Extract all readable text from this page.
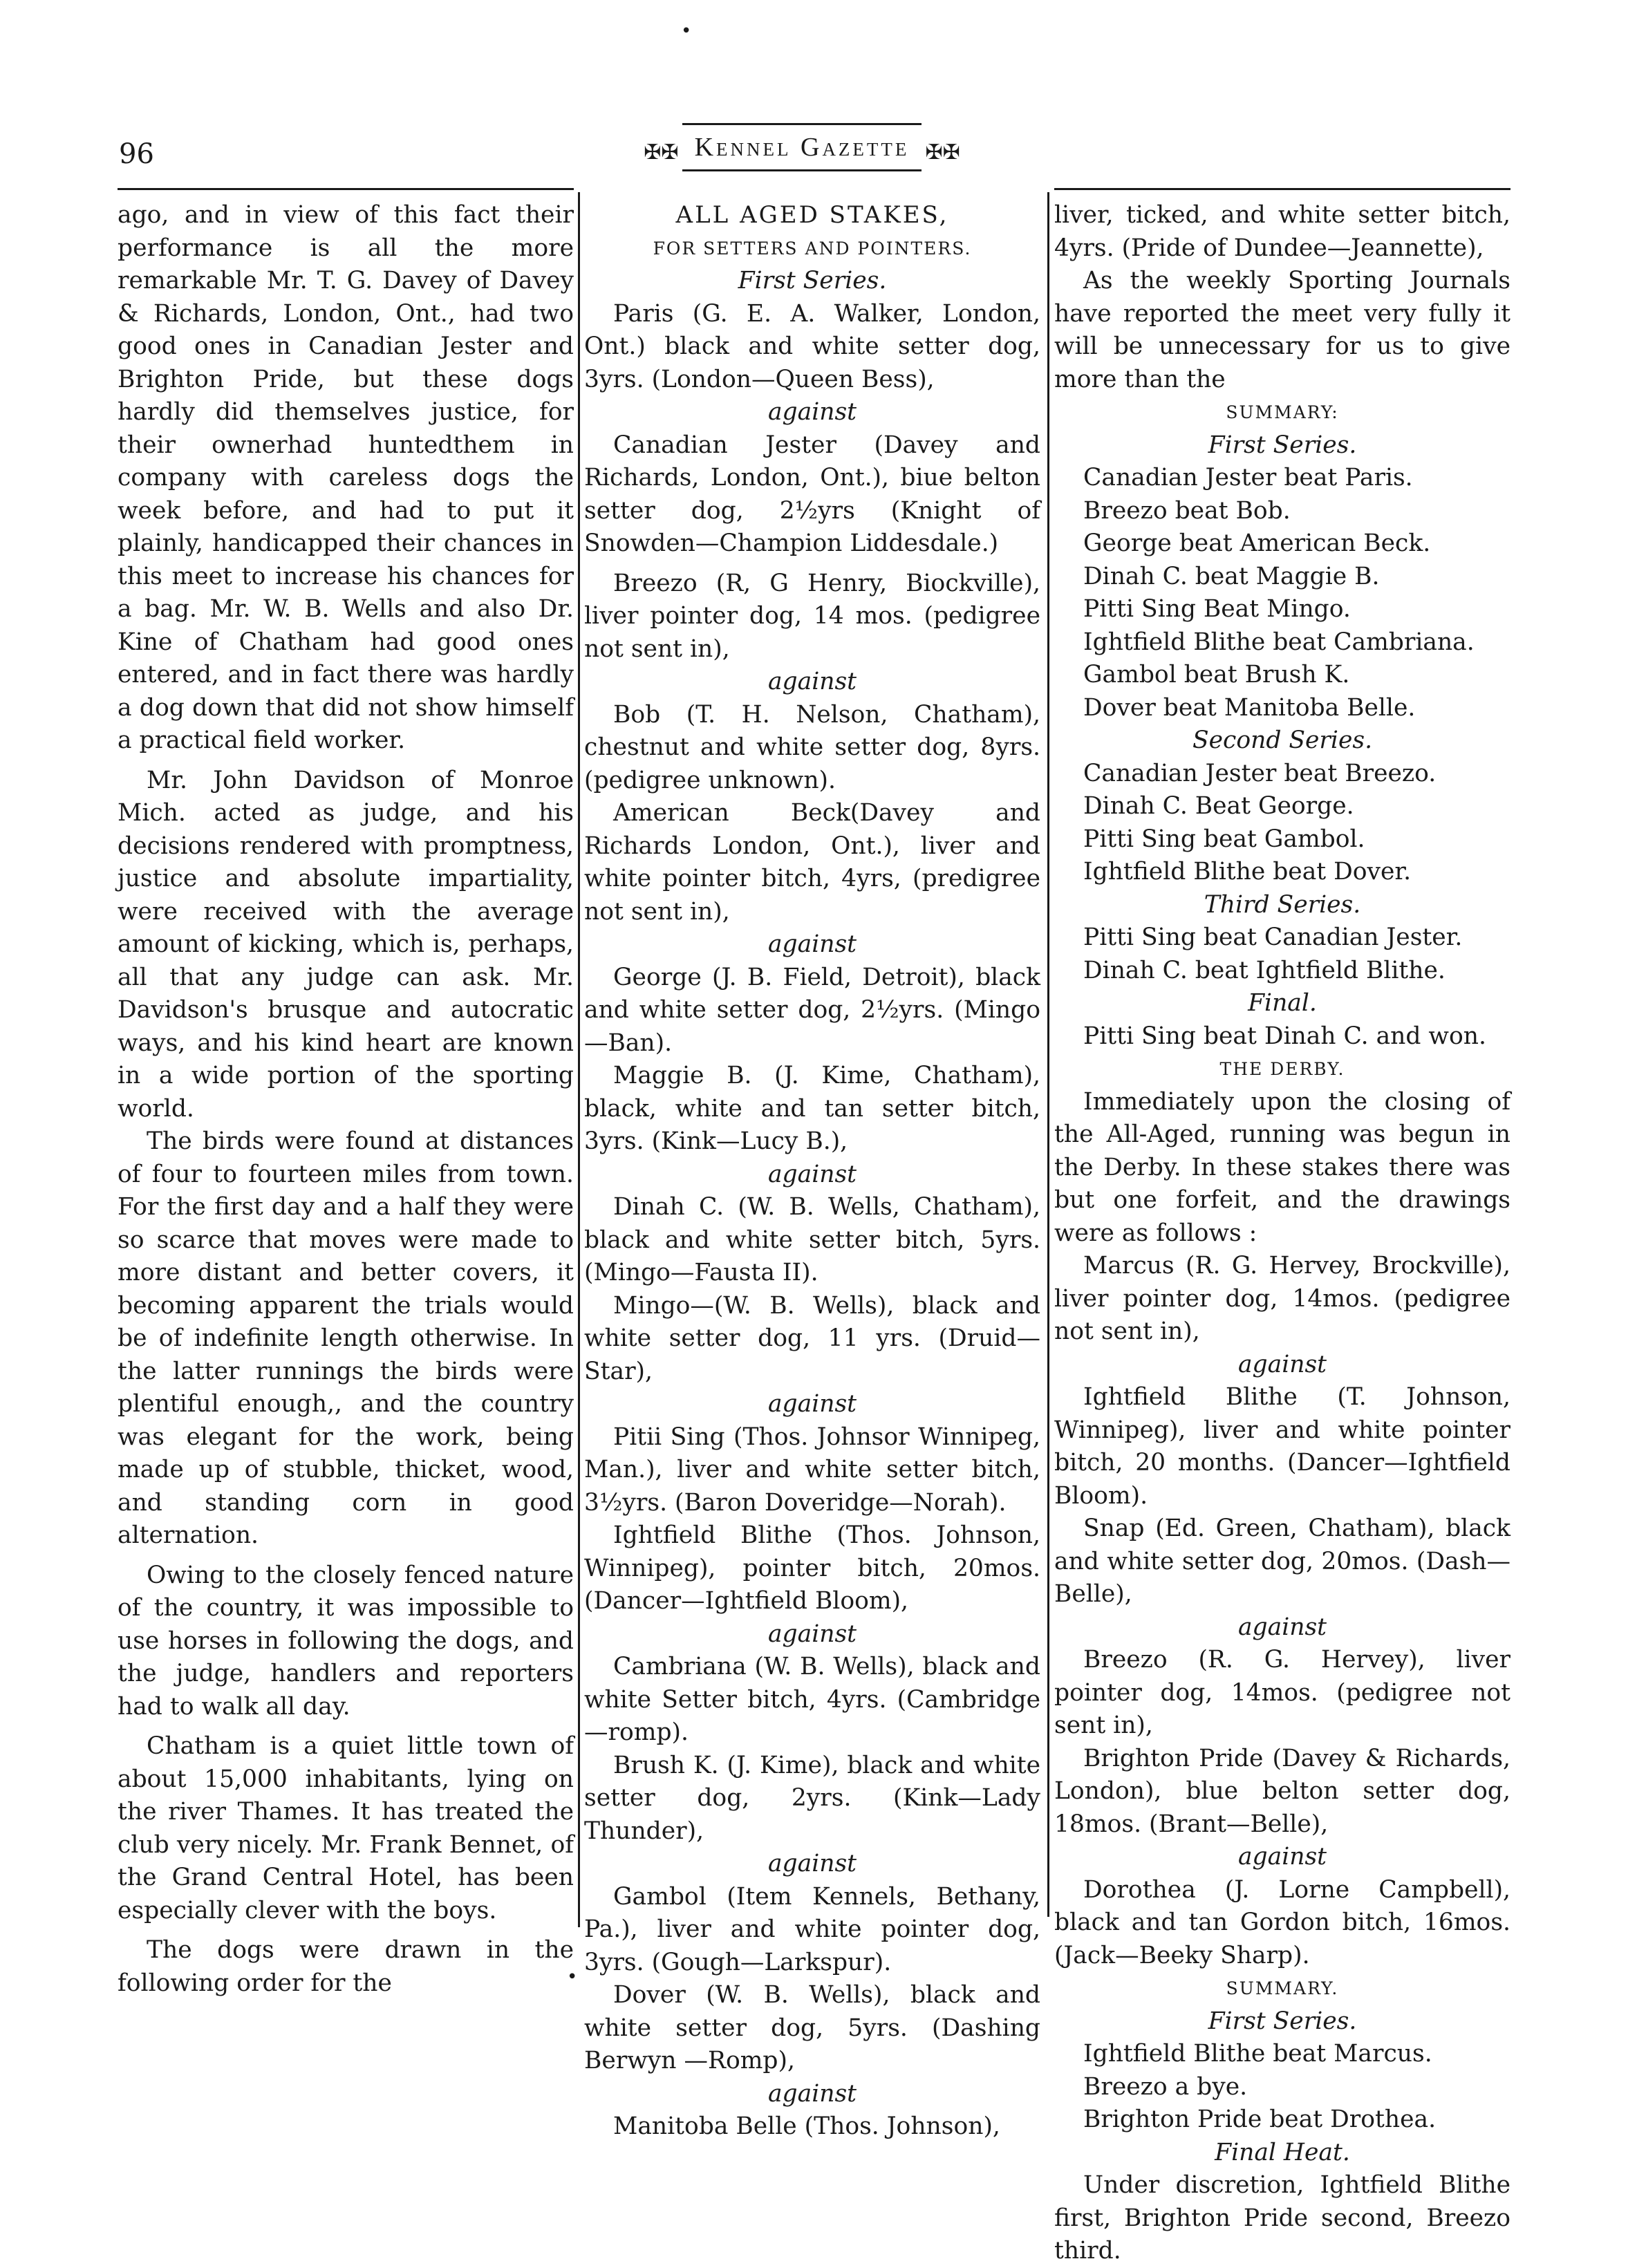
•
96	✠✠ Kennel Gazette ✠✠

ago, and in view of this fact their performance is all the more remarkable Mr. T. G. Davey of Davey & Richards, London, Ont., had two good ones in Canadian Jester and Brighton Pride, but these dogs hardly did themselves justice, for their ownerhad huntedthem in company with careless dogs the week before, and had to put it plainly, handicapped their chances in this meet to increase his chances for a bag. Mr. W. B. Wells and also Dr. Kine of Chatham had good ones entered, and in fact there was hardly a dog down that did not show himself a practical field worker.

Mr. John Davidson of Monroe Mich. acted as judge, and his decisions rendered with promptness, justice and absolute impartiality, were received with the average amount of kicking, which is, perhaps, all that any judge can ask. Mr. Davidson's brusque and autocratic ways, and his kind heart are known in a wide portion of the sporting world.

The birds were found at distances of four to fourteen miles from town. For the first day and a half they were so scarce that moves were made to more distant and better covers, it becoming apparent the trials would be of indefinite length otherwise. In the latter runnings the birds were plentiful enough,, and the country was elegant for the work, being made up of stubble, thicket, wood, and standing corn in good alternation.

Owing to the closely fenced nature of the country, it was impossible to use horses in following the dogs, and the judge, handlers and reporters had to walk all day.

Chatham is a quiet little town of about 15,000 inhabitants, lying on the river Thames. It has treated the club very nicely. Mr. Frank Bennet, of the Grand Central Hotel, has been especially clever with the boys.

The dogs were drawn in the following order for the

ALL AGED STAKES,

FOR SETTERS AND POINTERS.

First Series.

Paris (G. E. A. Walker, London, Ont.) black and white setter dog, 3yrs. (London—Queen Bess),

against

Canadian Jester (Davey and Richards, London, Ont.), biue belton setter dog, 2½yrs (Knight of Snowden—Champion Liddesdale.)

Breezo (R, G Henry, Biockville), liver pointer dog, 14 mos. (pedigree not sent in),

against

Bob (T. H. Nelson, Chatham), chestnut and white setter dog, 8yrs. (pedigree unknown).

American Beck(Davey and Richards London, Ont.), liver and white pointer bitch, 4yrs, (predigree not sent in),

against

George (J. B. Field, Detroit), black and white setter dog, 2½yrs. (Mingo—Ban).

Maggie B. (J. Kime, Chatham), black, white and tan setter bitch, 3yrs. (Kink—Lucy B.),

against

Dinah C. (W. B. Wells, Chatham), black and white setter bitch, 5yrs. (Mingo—Fausta II).

Mingo—(W. B. Wells), black and white setter dog, 11 yrs. (Druid—Star),

against

Pitii Sing (Thos. Johnsor Winnipeg, Man.), liver and white setter bitch, 3½yrs. (Baron Doveridge—Norah).

Ightfield Blithe (Thos. Johnson, Winnipeg), pointer bitch, 20mos. (Dancer—Ightfield Bloom),

against

Cambriana (W. B. Wells), black and white Setter bitch, 4yrs. (Cambridge—romp).

Brush K. (J. Kime), black and white setter dog, 2yrs. (Kink—Lady Thunder),

against

Gambol (Item Kennels, Bethany, Pa.), liver and white pointer dog, 3yrs. (Gough—Larkspur).

Dover (W. B. Wells), black and white setter dog, 5yrs. (Dashing Berwyn —Romp),

against

Manitoba Belle (Thos. Johnson),

liver, ticked, and white setter bitch, 4yrs. (Pride of Dundee—Jeannette),

As the weekly Sporting Journals have reported the meet very fully it will be unnecessary for us to give more than the

SUMMARY:

First Series.

Canadian Jester beat Paris.

Breezo beat Bob.

George beat American Beck.

Dinah C. beat Maggie B.

Pitti Sing Beat Mingo.

Ightfield Blithe beat Cambriana.

Gambol beat Brush K.

Dover beat Manitoba Belle.

Second Series.

Canadian Jester beat Breezo.

Dinah C. Beat George.

Pitti Sing beat Gambol.

Ightfield Blithe beat Dover.

Third Series.

Pitti Sing beat Canadian Jester.

Dinah C. beat Ightfield Blithe.

Final.

Pitti Sing beat Dinah C. and won.

THE DERBY.

Immediately upon the closing of the All-Aged, running was begun in the Derby. In these stakes there was but one forfeit, and the drawings were as follows :

Marcus (R. G. Hervey, Brockville), liver pointer dog, 14mos. (pedigree not sent in),

against

Ightfield Blithe (T. Johnson, Winnipeg), liver and white pointer bitch, 20 months. (Dancer—Ightfield Bloom).

Snap (Ed. Green, Chatham), black and white setter dog, 20mos. (Dash—Belle),

against

Breezo (R. G. Hervey), liver pointer dog, 14mos. (pedigree not sent in),

Brighton Pride (Davey & Richards, London), blue belton setter dog, 18mos. (Brant—Belle),

against

Dorothea (J. Lorne Campbell), black and tan Gordon bitch, 16mos. (Jack—Beeky Sharp).

SUMMARY.

First Series.

Ightfield Blithe beat Marcus.

Breezo a bye.

Brighton Pride beat Drothea.

Final Heat.

Under discretion, Ightfield Blithe first, Brighton Pride second, Breezo third.

•
